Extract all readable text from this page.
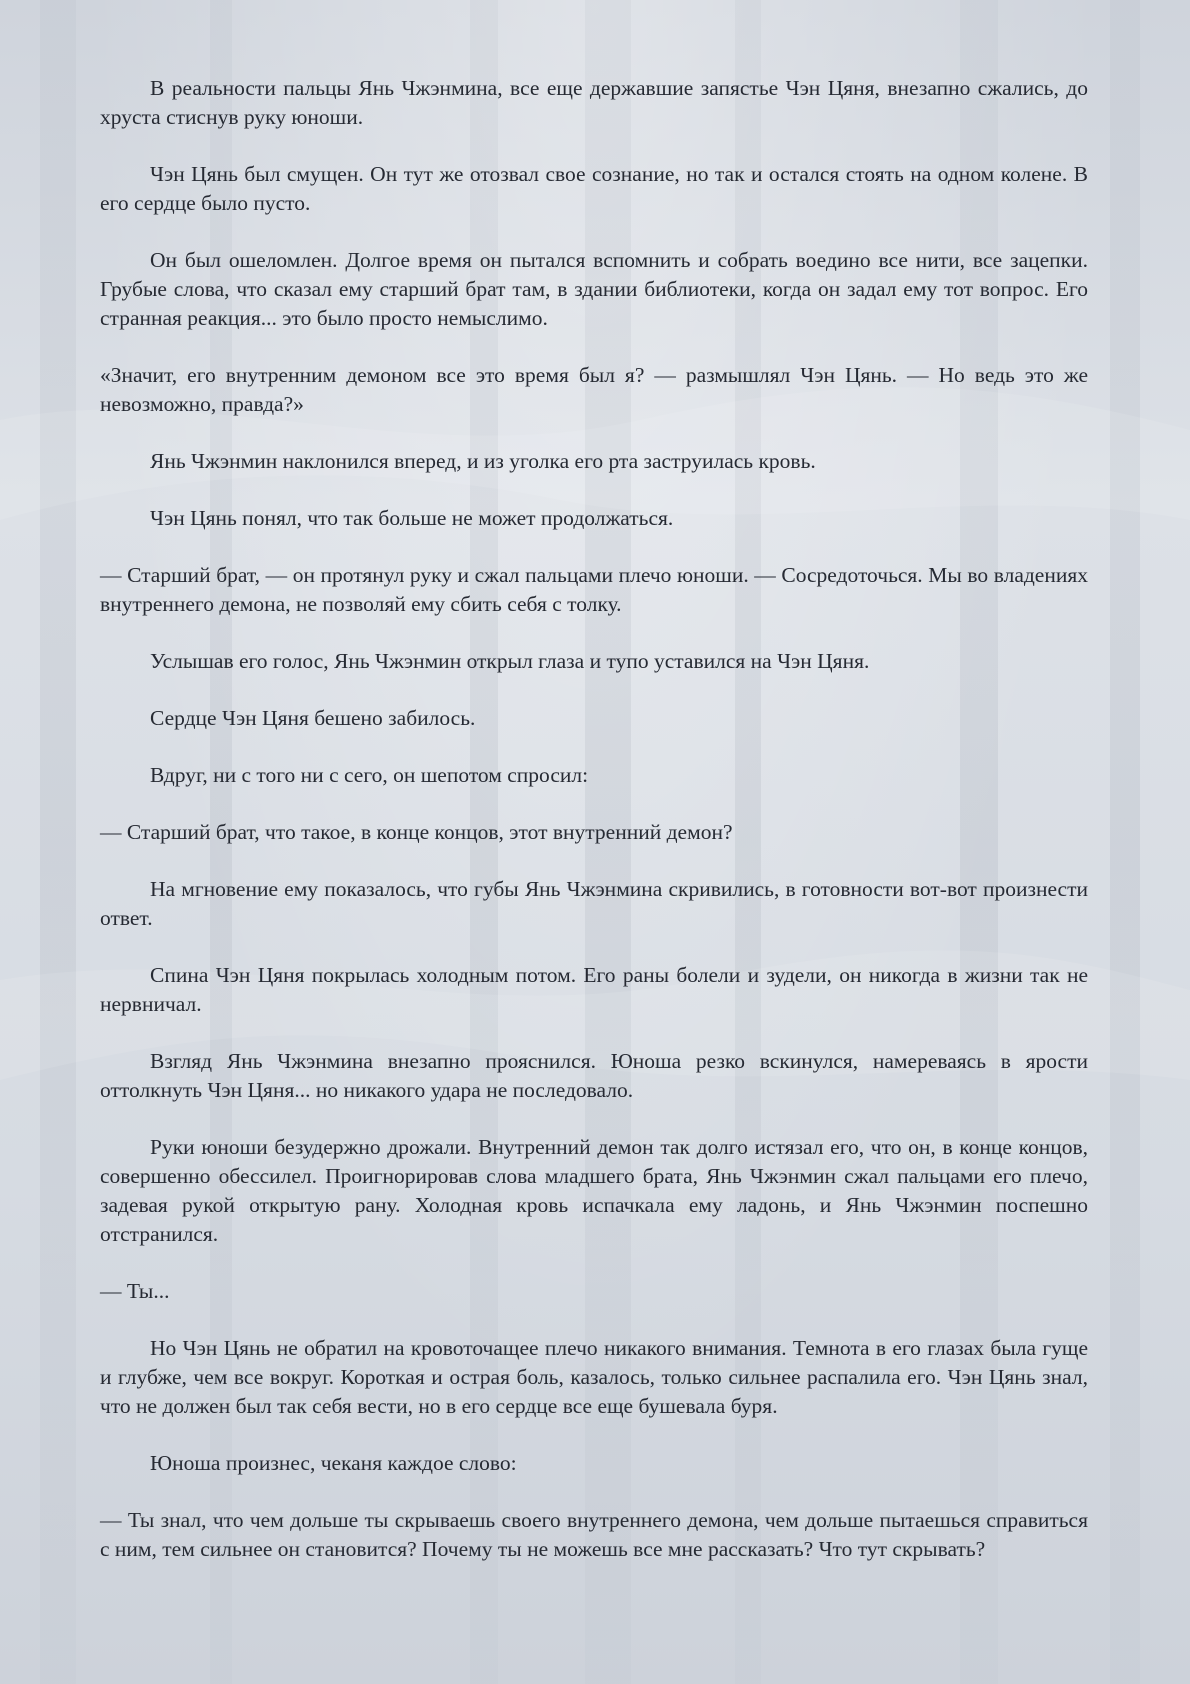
В реальности пальцы Янь Чжэнмина, все еще державшие запястье Чэн Цяня, внезапно сжались, до хруста стиснув руку юноши.

Чэн Цянь был смущен. Он тут же отозвал свое сознание, но так и остался стоять на одном колене. В его сердце было пусто.

Он был ошеломлен. Долгое время он пытался вспомнить и собрать воедино все нити, все зацепки. Грубые слова, что сказал ему старший брат там, в здании библиотеки, когда он задал ему тот вопрос. Его странная реакция... это было просто немыслимо.

«Значит, его внутренним демоном все это время был я? — размышлял Чэн Цянь. — Но ведь это же невозможно, правда?»

Янь Чжэнмин наклонился вперед, и из уголка его рта заструилась кровь.

Чэн Цянь понял, что так больше не может продолжаться.

— Старший брат, — он протянул руку и сжал пальцами плечо юноши. — Сосредоточься. Мы во владениях внутреннего демона, не позволяй ему сбить себя с толку.

Услышав его голос, Янь Чжэнмин открыл глаза и тупо уставился на Чэн Цяня.

Сердце Чэн Цяня бешено забилось.

Вдруг, ни с того ни с сего, он шепотом спросил:

— Старший брат, что такое, в конце концов, этот внутренний демон?

На мгновение ему показалось, что губы Янь Чжэнмина скривились, в готовности вот-вот произнести ответ.

Спина Чэн Цяня покрылась холодным потом. Его раны болели и зудели, он никогда в жизни так не нервничал.

Взгляд Янь Чжэнмина внезапно прояснился. Юноша резко вскинулся, намереваясь в ярости оттолкнуть Чэн Цяня... но никакого удара не последовало.

Руки юноши безудержно дрожали. Внутренний демон так долго истязал его, что он, в конце концов, совершенно обессилел. Проигнорировав слова младшего брата, Янь Чжэнмин сжал пальцами его плечо, задевая рукой открытую рану. Холодная кровь испачкала ему ладонь, и Янь Чжэнмин поспешно отстранился.

— Ты...

Но Чэн Цянь не обратил на кровоточащее плечо никакого внимания. Темнота в его глазах была гуще и глубже, чем все вокруг. Короткая и острая боль, казалось, только сильнее распалила его. Чэн Цянь знал, что не должен был так себя вести, но в его сердце все еще бушевала буря.

Юноша произнес, чеканя каждое слово:

— Ты знал, что чем дольше ты скрываешь своего внутреннего демона, чем дольше пытаешься справиться с ним, тем сильнее он становится? Почему ты не можешь все мне рассказать? Что тут скрывать?
